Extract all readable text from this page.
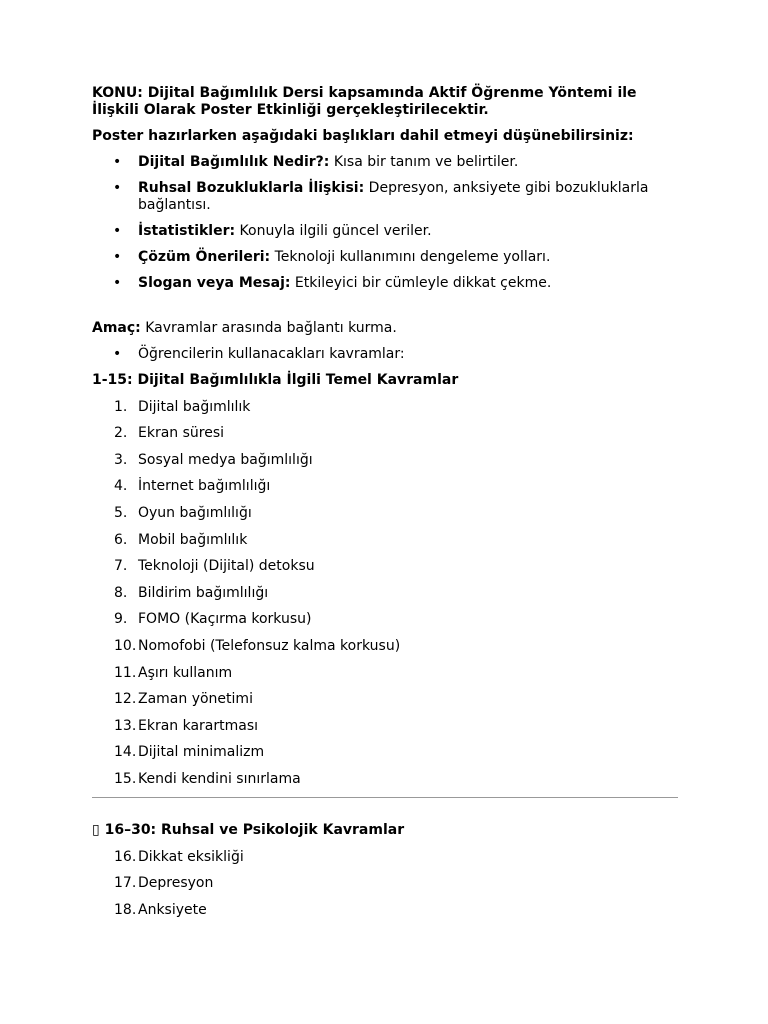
KONU: Dijital Bağımlılık Dersi kapsamında Aktif Öğrenme Yöntemi ile İlişkili Olarak Poster Etkinliği gerçekleştirilecektir.

Poster hazırlarken aşağıdaki başlıkları dahil etmeyi düşünebilirsiniz:

• Dijital Bağımlılık Nedir?: Kısa bir tanım ve belirtiler.
• Ruhsal Bozukluklarla İlişkisi: Depresyon, anksiyete gibi bozukluklarla bağlantısı.
• İstatistikler: Konuyla ilgili güncel veriler.
• Çözüm Önerileri: Teknoloji kullanımını dengeleme yolları.
• Slogan veya Mesaj: Etkileyici bir cümleyle dikkat çekme.

Amaç: Kavramlar arasında bağlantı kurma.

• Öğrencilerin kullanacakları kavramlar:

1-15: Dijital Bağımlılıkla İlgili Temel Kavramlar

1. Dijital bağımlılık
2. Ekran süresi
3. Sosyal medya bağımlılığı
4. İnternet bağımlılığı
5. Oyun bağımlılığı
6. Mobil bağımlılık
7. Teknoloji (Dijital) detoksu
8. Bildirim bağımlılığı
9. FOMO (Kaçırma korkusu)
10. Nomofobi (Telefonsuz kalma korkusu)
11. Aşırı kullanım
12. Zaman yönetimi
13. Ekran karartması
14. Dijital minimalizm
15. Kendi kendini sınırlama

▯ 16–30: Ruhsal ve Psikolojik Kavramlar

16. Dikkat eksikliği
17. Depresyon
18. Anksiyete
